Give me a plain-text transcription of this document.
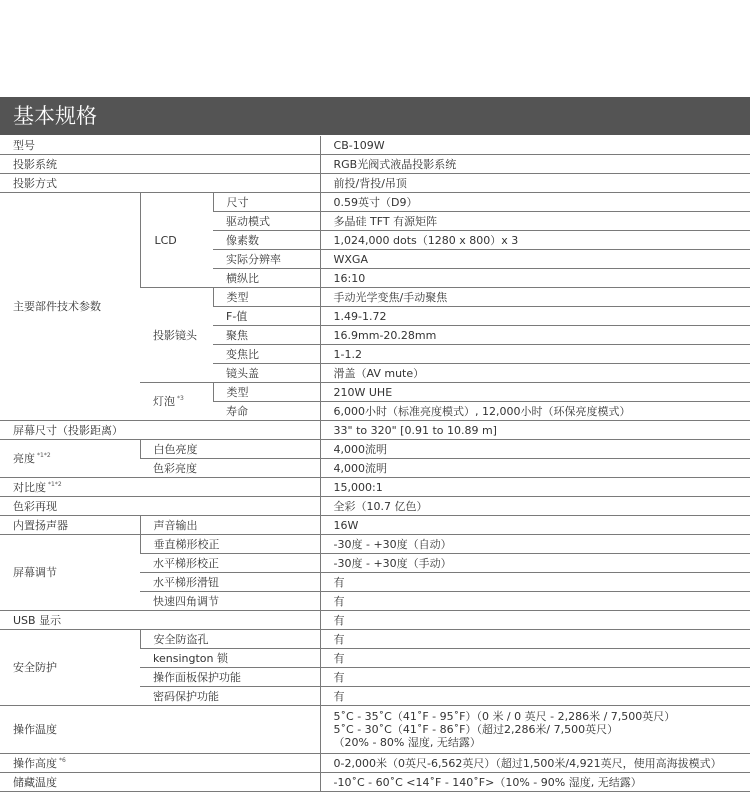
基本规格
型号			CB-109W
投影系统			RGB光阀式液晶投影系统
投影方式			前投/背投/吊顶
主要部件技术参数	LCD	尺寸	0.59英寸（D9）
		驱动模式	多晶硅 TFT 有源矩阵
		像素数	1,024,000 dots（1280 x 800）x 3
		实际分辨率	WXGA
		横纵比	16:10
	投影镜头	类型	手动光学变焦/手动聚焦
		F-值	1.49-1.72
		聚焦	16.9mm-20.28mm
		变焦比	1-1.2
		镜头盖	滑盖（AV mute）
	灯泡 $^{*3}$	类型	210W UHE
		寿命	6,000小时（标准亮度模式）, 12,000小时（环保亮度模式）
屏幕尺寸（投影距离）			33" to 320" [0.91 to 10.89 m]
亮度 $^{*1*2}$	白色亮度		4,000流明
	色彩亮度		4,000流明
对比度 $^{*1*2}$			15,000:1
色彩再现			全彩（10.7 亿色）
内置扬声器	声音输出		16W
屏幕调节	垂直梯形校正		-30度 - +30度（自动）
	水平梯形校正		-30度 - +30度（手动）
	水平梯形滑钮		有
	快速四角调节		有
USB 显示			有
安全防护	安全防盗孔		有
	kensington 锁		有
	操作面板保护功能		有
	密码保护功能		有
操作温度			5˚C - 35˚C（41˚F - 95˚F）（0 米 / 0 英尺 - 2,286米 / 7,500英尺）
5˚C - 30˚C（41˚F - 86˚F）（超过2,286米/ 7,500英尺）
（20% - 80% 湿度, 无结露）

操作高度 $^{*6}$			0-2,000米（0英尺-6,562英尺）（超过1,500米/4,921英尺，使用高海拔模式）
储藏温度			-10˚C - 60˚C <14˚F - 140˚F>（10% - 90% 湿度, 无结露）
